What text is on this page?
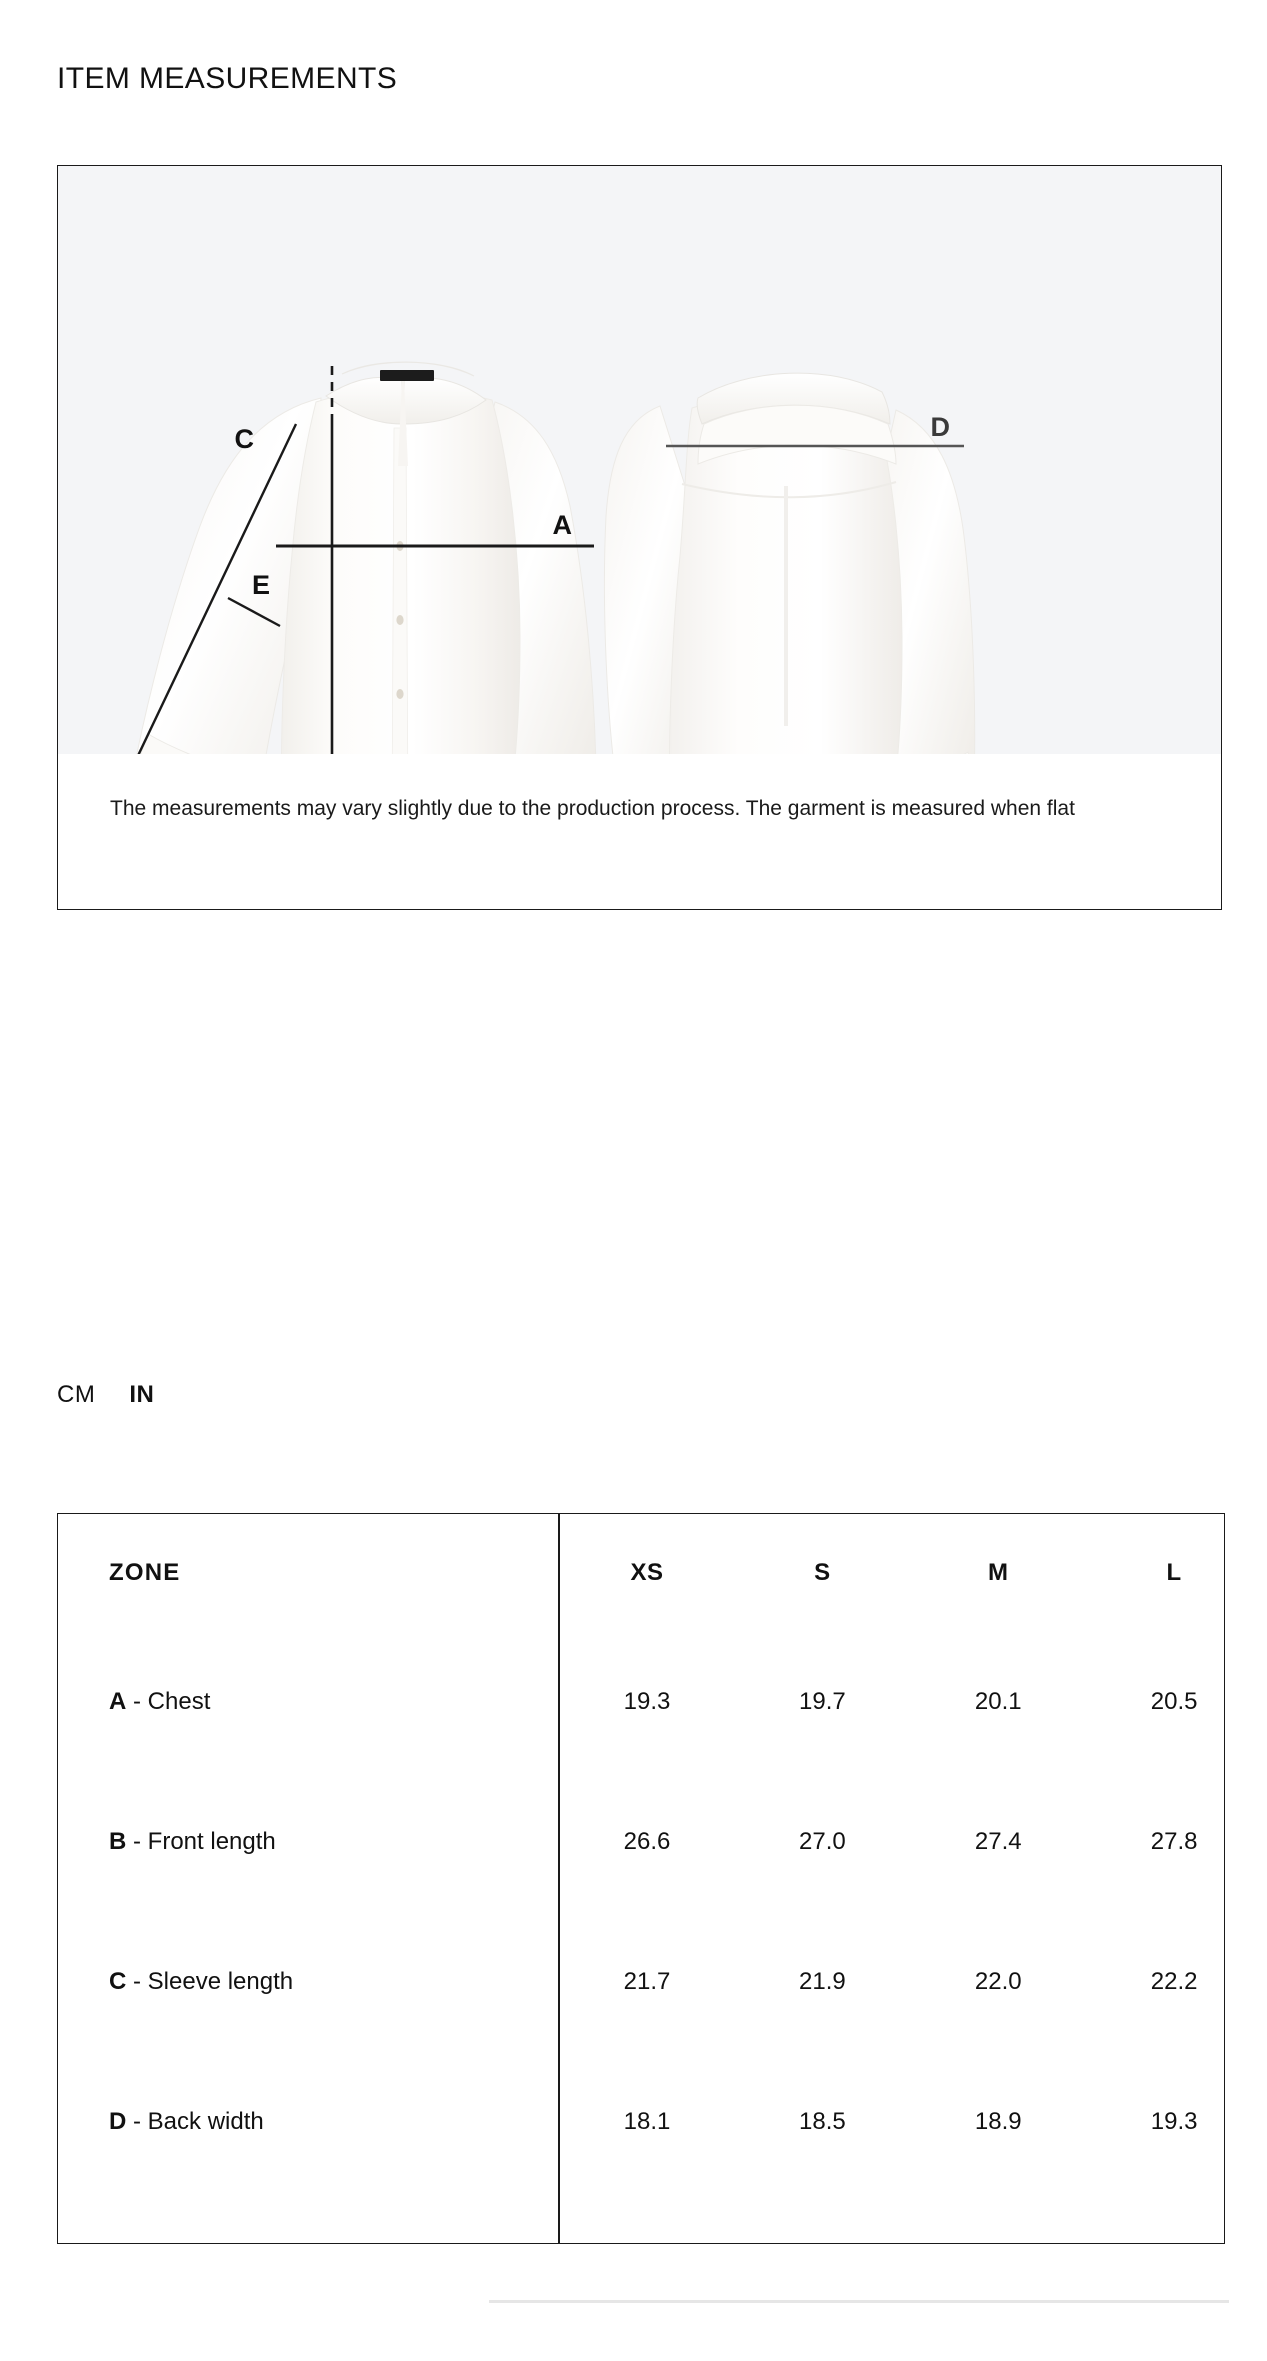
ITEM MEASUREMENTS
C
A
E
D

The measurements may vary slightly due to the production process. The garment is measured when flat

CM IN
ZONE	XS	S	M	L	
A - Chest	19.3	19.7	20.1	20.5	
B - Front length	26.6	27.0	27.4	27.8	
C - Sleeve length	21.7	21.9	22.0	22.2	
D - Back width	18.1	18.5	18.9	19.3	
